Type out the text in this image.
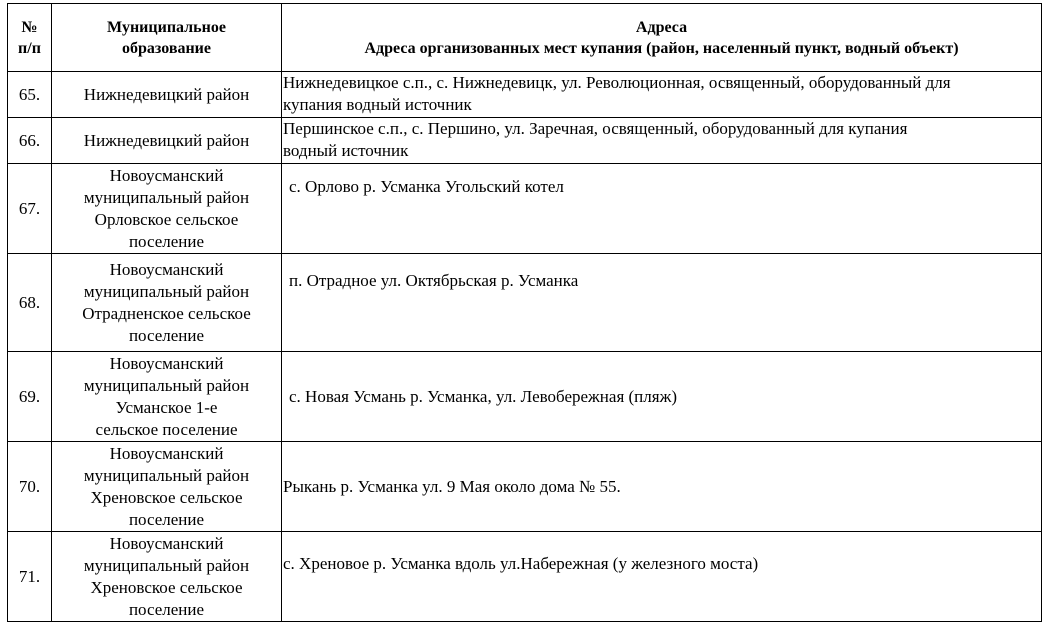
№
п/п	Муниципальное
образование	Адреса
Адреса организованных мест купания (район, населенный пункт, водный объект)

65.	Нижнедевицкий район	Нижнедевицкое с.п., с. Нижнедевицк, ул. Революционная, освященный, оборудованный для
купания водный источник

66.	Нижнедевицкий район	Першинское с.п., с. Першино, ул. Заречная, освященный, оборудованный для купания
водный источник

67.	Новоусманский
муниципальный район
Орловское сельское
поселение	с. Орлово р. Усманка Угольский котел

68.	Новоусманский
муниципальный район
Отрадненское сельское
поселение	п. Отрадное ул. Октябрьская р. Усманка

69.	Новоусманский
муниципальный район
Усманское 1-е
сельское поселение	с. Новая Усмань р. Усманка, ул. Левобережная (пляж)

70.	Новоусманский
муниципальный район
Хреновское сельское
поселение	Рыкань р. Усманка ул. 9 Мая около дома № 55.

71.	Новоусманский
муниципальный район
Хреновское сельское
поселение	с. Хреновое р. Усманка вдоль ул.Набережная (у железного моста)
